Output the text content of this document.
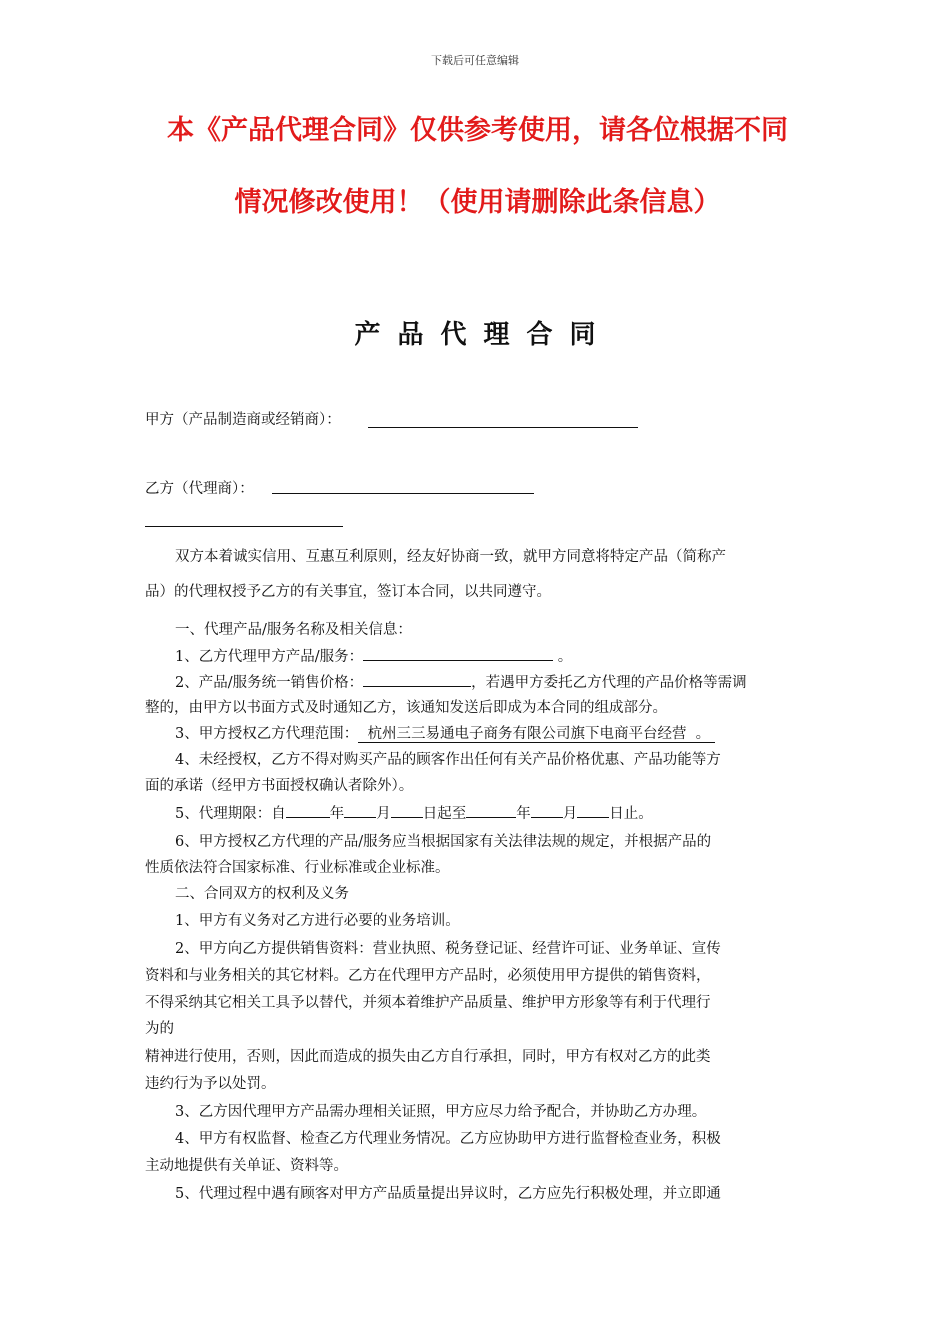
下载后可任意编辑
本《产品代理合同》仅供参考使用，请各位根据不同
情况修改使用！（使用请删除此条信息）
产品代理合同
甲方（产品制造商或经销商）：
乙方（代理商）：
双方本着诚实信用、互惠互利原则，经友好协商一致，就甲方同意将特定产品（简称产
品）的代理权授予乙方的有关事宜，签订本合同，以共同遵守。
一、代理产品/服务名称及相关信息：
1、乙方代理甲方产品/服务：	。
2、产品/服务统一销售价格：	，若遇甲方委托乙方代理的产品价格等需调
整的，由甲方以书面方式及时通知乙方，该通知发送后即成为本合同的组成部分。
3、甲方授权乙方代理范围： 杭州三三易通电子商务有限公司旗下电商平台经营 。
4、未经授权，乙方不得对购买产品的顾客作出任何有关产品价格优惠、产品功能等方
面的承诺（经甲方书面授权确认者除外）。
5、代理期限：自	年 月 日起至	年 月 日止。
6、甲方授权乙方代理的产品/服务应当根据国家有关法律法规的规定，并根据产品的
性质依法符合国家标准、行业标准或企业标准。
二、合同双方的权利及义务
1、甲方有义务对乙方进行必要的业务培训。
2、甲方向乙方提供销售资料：营业执照、税务登记证、经营许可证、业务单证、宣传
资料和与业务相关的其它材料。乙方在代理甲方产品时，必须使用甲方提供的销售资料，
不得采纳其它相关工具予以替代，并须本着维护产品质量、维护甲方形象等有利于代理行
为的
精神进行使用，否则，因此而造成的损失由乙方自行承担，同时，甲方有权对乙方的此类
违约行为予以处罚。
3、乙方因代理甲方产品需办理相关证照，甲方应尽力给予配合，并协助乙方办理。
4、甲方有权监督、检查乙方代理业务情况。乙方应协助甲方进行监督检查业务，积极
主动地提供有关单证、资料等。
5、代理过程中遇有顾客对甲方产品质量提出异议时，乙方应先行积极处理，并立即通
